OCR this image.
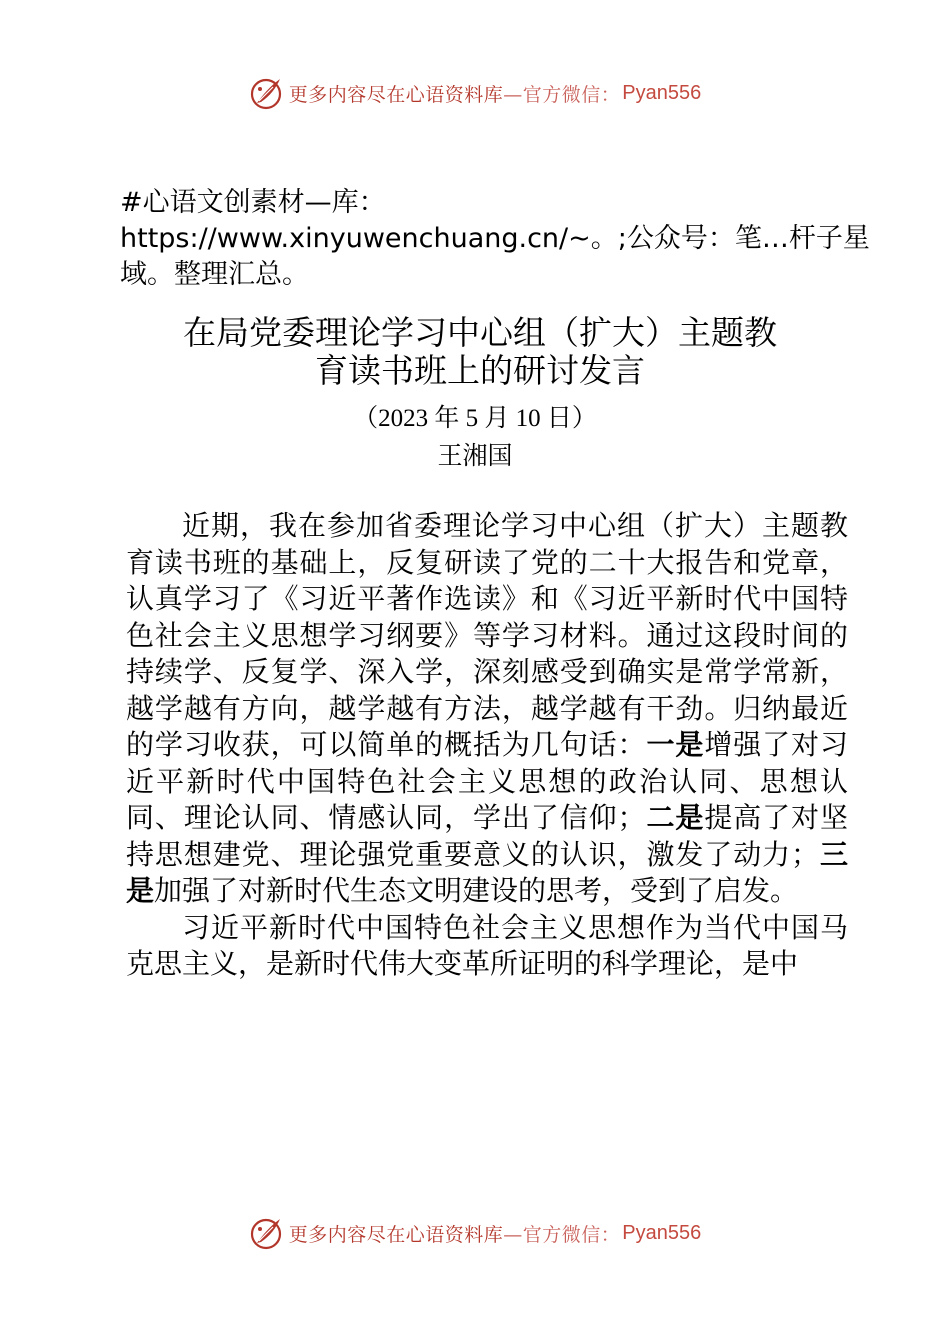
更多内容尽在心语资料库—官方微信： Pyan556
#心语文创素材—库：https://www.xinyuwenchuang.cn/~。;公众号：笔…杆子星域。整理汇总。
在局党委理论学习中心组（扩大）主题教
育读书班上的研讨发言
（2023 年 5 月 10 日）
王湘国

近期，我在参加省委理论学习中心组（扩大）主题教育读书班的基础上，反复研读了党的二十大报告和党章，认真学习了《习近平著作选读》和《习近平新时代中国特色社会主义思想学习纲要》等学习材料。通过这段时间的持续学、反复学、深入学，深刻感受到确实是常学常新，越学越有方向，越学越有方法，越学越有干劲。归纳最近的学习收获，可以简单的概括为几句话：一是增强了对习近平新时代中国特色社会主义思想的政治认同、思想认同、理论认同、情感认同，学出了信仰；二是提高了对坚持思想建党、理论强党重要意义的认识，激发了动力；三是加强了对新时代生态文明建设的思考，受到了启发。

习近平新时代中国特色社会主义思想作为当代中国马克思主义，是新时代伟大变革所证明的科学理论，是中

更多内容尽在心语资料库—官方微信： Pyan556
